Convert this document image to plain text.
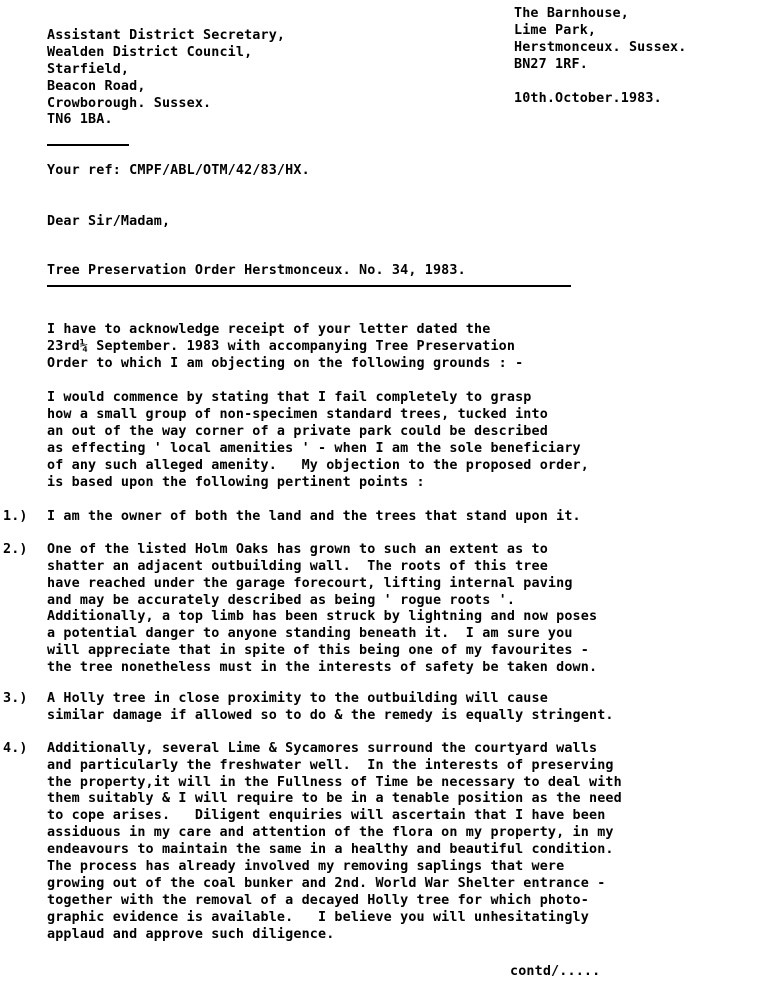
Assistant District Secretary,
Wealden District Council,
Starfield,
Beacon Road,
Crowborough. Sussex.
TN6 1BA.
The Barnhouse,
Lime Park,
Herstmonceux. Sussex.
BN27 1RF.
10th.October.1983.
Your ref: CMPF/ABL/OTM/42/83/HX.
Dear Sir/Madam,
Tree Preservation Order Herstmonceux. No. 34, 1983.
I have to acknowledge receipt of your letter dated the
23rd¼ September. 1983 with accompanying Tree Preservation
Order to which I am objecting on the following grounds : -
I would commence by stating that I fail completely to grasp
how a small group of non-specimen standard trees, tucked into
an out of the way corner of a private park could be described
as effecting ' local amenities ' - when I am the sole beneficiary
of any such alleged amenity.   My objection to the proposed order,
is based upon the following pertinent points :
1.) I am the owner of both the land and the trees that stand upon it.
2.) One of the listed Holm Oaks has grown to such an extent as to
shatter an adjacent outbuilding wall.  The roots of this tree
have reached under the garage forecourt, lifting internal paving
and may be accurately described as being ' rogue roots '.
Additionally, a top limb has been struck by lightning and now poses
a potential danger to anyone standing beneath it.  I am sure you
will appreciate that in spite of this being one of my favourites -
the tree nonetheless must in the interests of safety be taken down.
3.) A Holly tree in close proximity to the outbuilding will cause
similar damage if allowed so to do & the remedy is equally stringent.
4.) Additionally, several Lime & Sycamores surround the courtyard walls
and particularly the freshwater well.  In the interests of preserving
the property,it will in the Fullness of Time be necessary to deal with
them suitably & I will require to be in a tenable position as the need
to cope arises.   Diligent enquiries will ascertain that I have been
assiduous in my care and attention of the flora on my property, in my
endeavours to maintain the same in a healthy and beautiful condition.
The process has already involved my removing saplings that were
growing out of the coal bunker and 2nd. World War Shelter entrance -
together with the removal of a decayed Holly tree for which photo-
graphic evidence is available.   I believe you will unhesitatingly
applaud and approve such diligence.
contd/.....
